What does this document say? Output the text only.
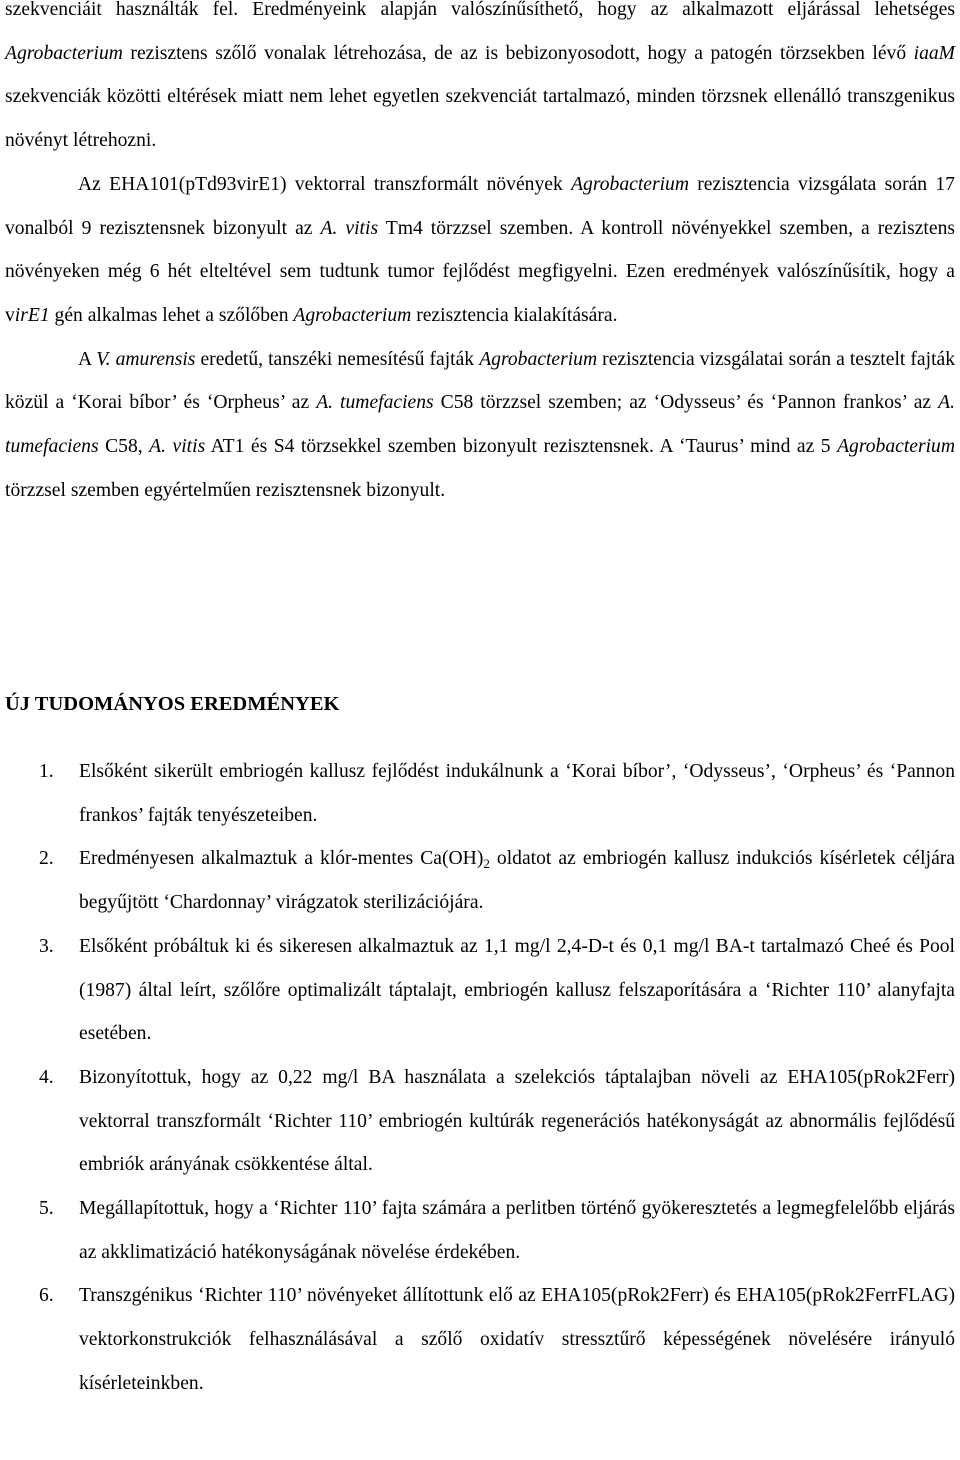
szekvenciáit használták fel. Eredményeink alapján valószínűsíthető, hogy az alkalmazott eljárással lehetséges Agrobacterium rezisztens szőlő vonalak létrehozása, de az is bebizonyosodott, hogy a patogén törzsekben lévő iaaM szekvenciák közötti eltérések miatt nem lehet egyetlen szekvenciát tartalmazó, minden törzsnek ellenálló transzgenikus növényt létrehozni.

Az EHA101(pTd93virE1) vektorral transzformált növények Agrobacterium rezisztencia vizsgálata során 17 vonalból 9 rezisztensnek bizonyult az A. vitis Tm4 törzzsel szemben. A kontroll növényekkel szemben, a rezisztens növényeken még 6 hét elteltével sem tudtunk tumor fejlődést megfigyelni. Ezen eredmények valószínűsítik, hogy a virE1 gén alkalmas lehet a szőlőben Agrobacterium rezisztencia kialakítására.

A V. amurensis eredetű, tanszéki nemesítésű fajták Agrobacterium rezisztencia vizsgálatai során a tesztelt fajták közül a ‘Korai bíbor’ és ‘Orpheus’ az A. tumefaciens C58 törzzsel szemben; az ‘Odysseus’ és ‘Pannon frankos’ az A. tumefaciens C58, A. vitis AT1 és S4 törzsekkel szemben bizonyult rezisztensnek. A ‘Taurus’ mind az 5 Agrobacterium törzzsel szemben egyértelműen rezisztensnek bizonyult.

ÚJ TUDOMÁNYOS EREDMÉNYEK
1. Elsőként sikerült embriogén kallusz fejlődést indukálnunk a ‘Korai bíbor’, ‘Odysseus’, ‘Orpheus’ és ‘Pannon frankos’ fajták tenyészeteiben.
2. Eredményesen alkalmaztuk a klór-mentes $Ca(OH)_2$ oldatot az embriogén kallusz indukciós kísérletek céljára begyűjtött ‘Chardonnay’ virágzatok sterilizációjára.
3. Elsőként próbáltuk ki és sikeresen alkalmaztuk az 1,1 mg/l 2,4-D-t és 0,1 mg/l BA-t tartalmazó Cheé és Pool (1987) által leírt, szőlőre optimalizált táptalajt, embriogén kallusz felszaporítására a ‘Richter 110’ alanyfajta esetében.
4. Bizonyítottuk, hogy az 0,22 mg/l BA használata a szelekciós táptalajban növeli az EHA105(pRok2Ferr) vektorral transzformált ‘Richter 110’ embriogén kultúrák regenerációs hatékonyságát az abnormális fejlődésű embriók arányának csökkentése által.
5. Megállapítottuk, hogy a ‘Richter 110’ fajta számára a perlitben történő gyökeresztetés a legmegfelelőbb eljárás az akklimatizáció hatékonyságának növelése érdekében.
6. Transzgénikus ‘Richter 110’ növényeket állítottunk elő az EHA105(pRok2Ferr) és EHA105(pRok2FerrFLAG) vektorkonstrukciók felhasználásával a szőlő oxidatív stressztűrő képességének növelésére irányuló kísérleteinkben.
